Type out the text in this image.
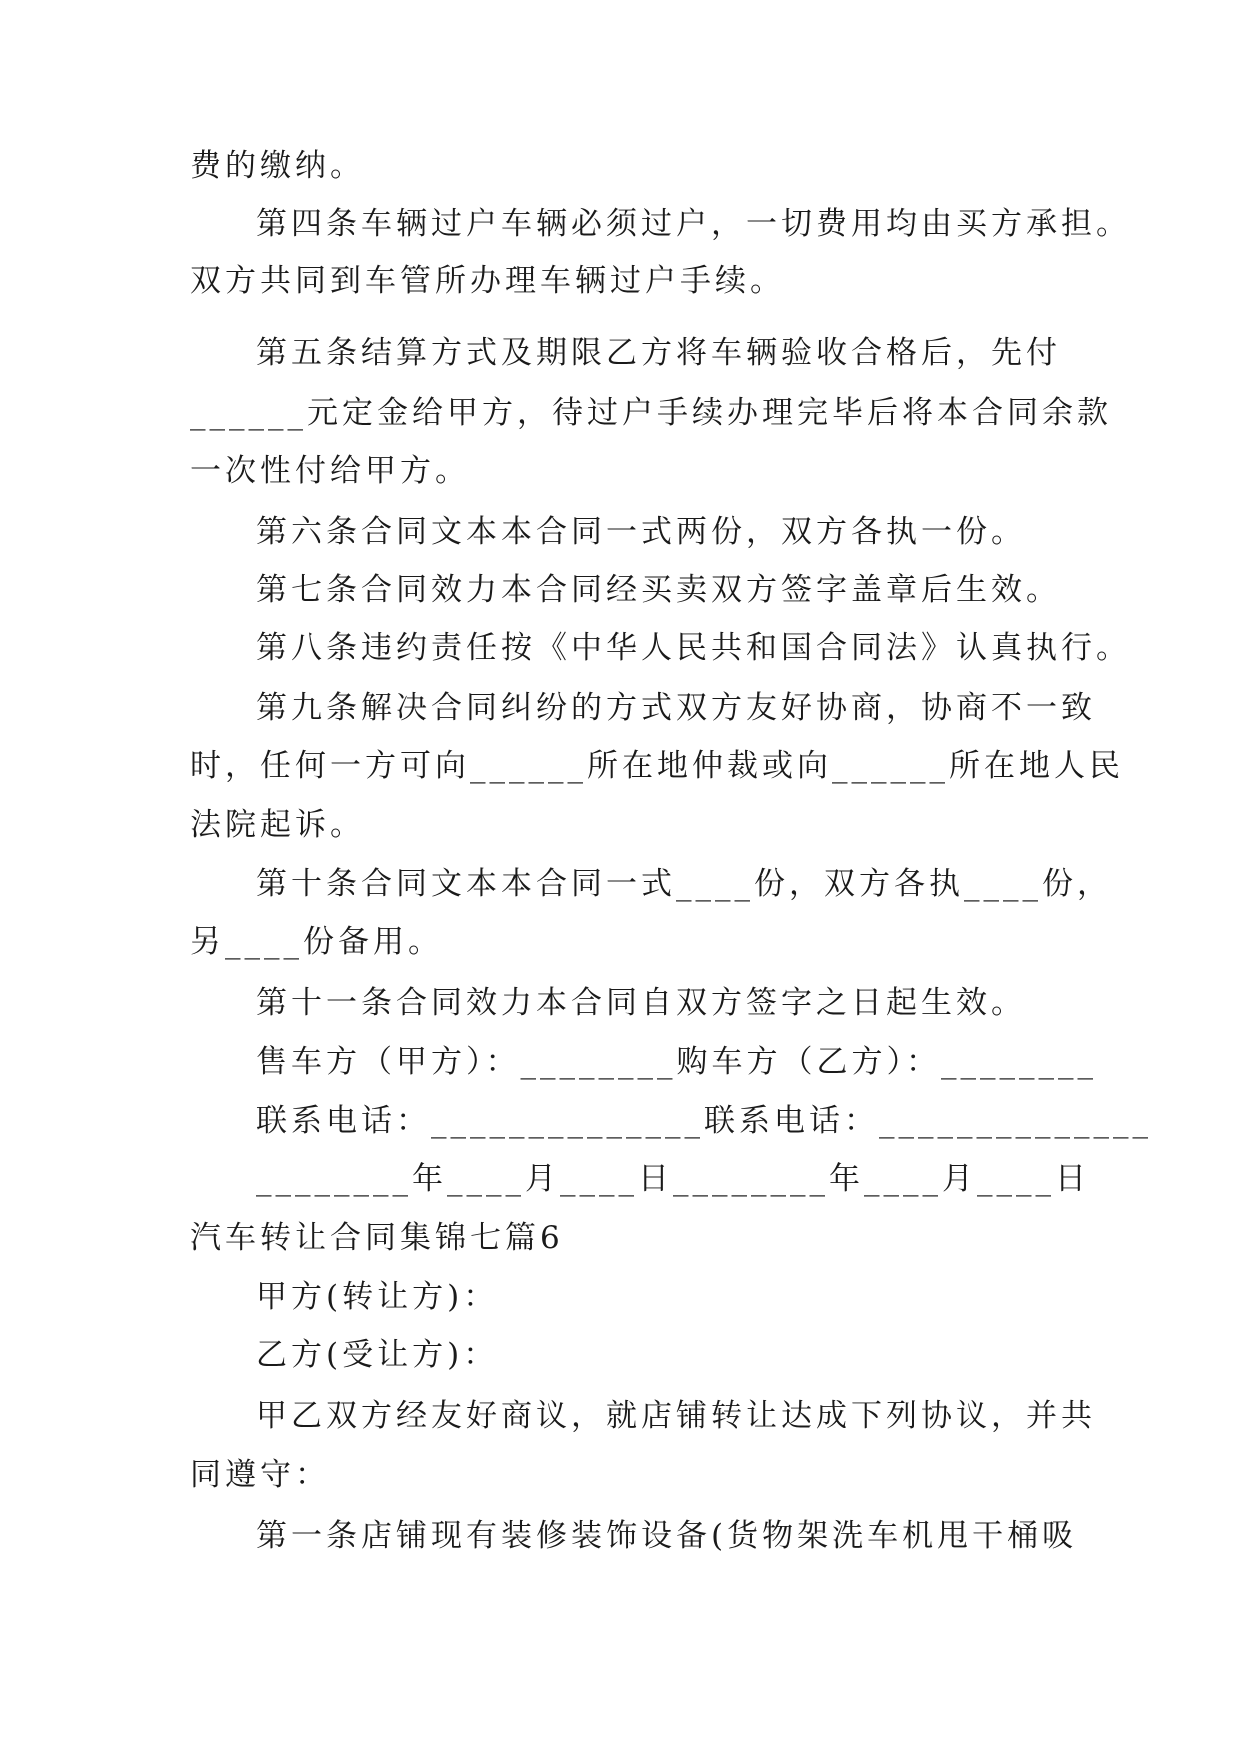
费的缴纳。
第四条车辆过户车辆必须过户，一切费用均由买方承担。
双方共同到车管所办理车辆过户手续。
第五条结算方式及期限乙方将车辆验收合格后，先付
______元定金给甲方，待过户手续办理完毕后将本合同余款
一次性付给甲方。
第六条合同文本本合同一式两份，双方各执一份。
第七条合同效力本合同经买卖双方签字盖章后生效。
第八条违约责任按《中华人民共和国合同法》认真执行。
第九条解决合同纠纷的方式双方友好协商，协商不一致
时，任何一方可向______所在地仲裁或向______所在地人民
法院起诉。
第十条合同文本本合同一式____份，双方各执____份，
另____份备用。
第十一条合同效力本合同自双方签字之日起生效。
售车方（甲方）：________购车方（乙方）：________
联系电话：______________联系电话：______________
________年____月____日________年____月____日
汽车转让合同集锦七篇6
甲方(转让方)：
乙方(受让方)：
甲乙双方经友好商议，就店铺转让达成下列协议，并共
同遵守：
第一条店铺现有装修装饰设备(货物架洗车机甩干桶吸
